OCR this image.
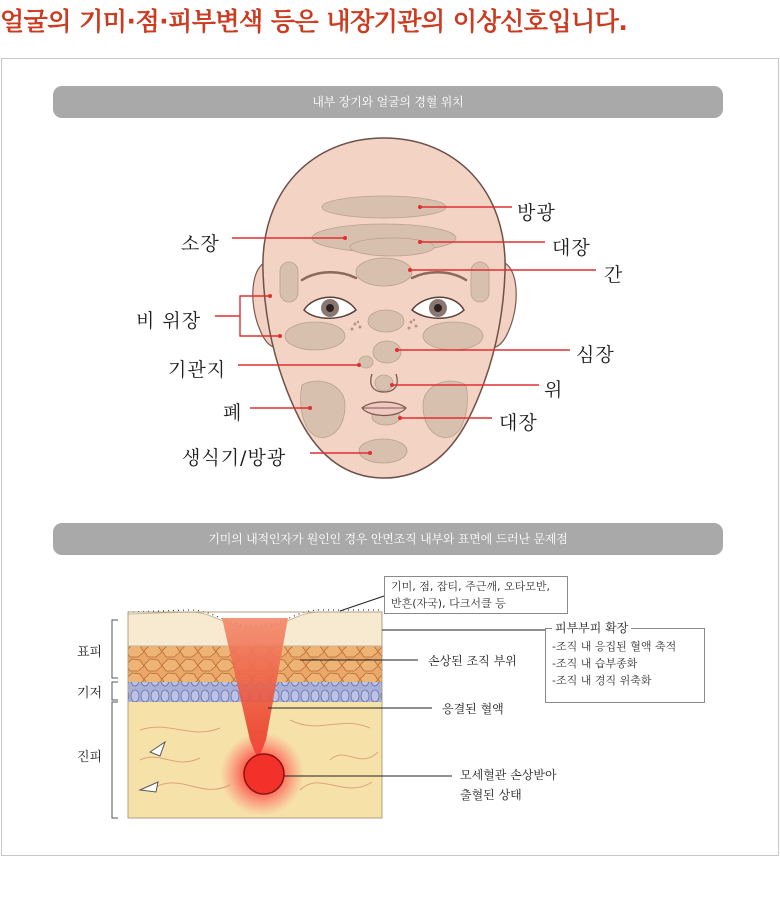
얼굴의 기미·점·피부변색 등은 내장기관의 이상신호입니다.
내부 장기와 얼굴의 경혈 위치
기미의 내적인자가 원인인 경우 안면조직 내부와 표면에 드러난 문제점
방광
소장	대장
간
비 위장
심장
기관지
위
폐	대장
생식기/방광
표피
기저
진피
손상된 조직 부위
응결된 혈액
모세혈관 손상받아
출혈된 상태
기미, 점, 잡티, 주근깨, 오타모반,
반흔(자국), 다크서클 등
피부부피 확장
-조직 내 응집된 혈액 축적
-조직 내 습부종화
-조직 내 경직 위축화
